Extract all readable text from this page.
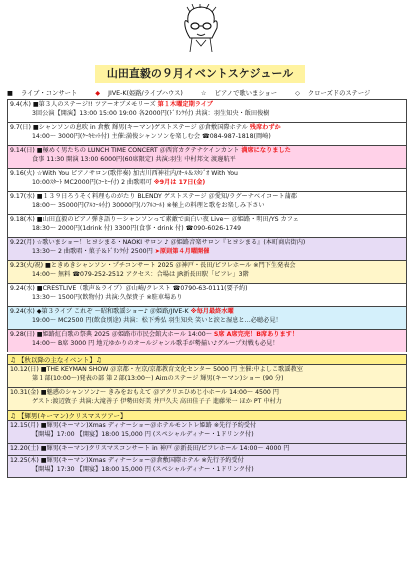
山田直毅の９月イベントスケジュール
■ ライブ・コンサート	◆ JIVE-K(姫路/ライブハウス)	☆ ピアノで歌いまショー	◇ クローズドのステージ
9.4(木) ■第３人のステージ!! ツアーオブメモリーズ 第１木曜定期ライブ
3回公演【開演】13:00 15:00 19:00 各2000円(ﾄﾞﾘﾝｸ付) 共演：羽生知央・飯田俊樹
9.7(日) ■シャンソンの息吹 in 倉敷 輝男(キーマン)ゲストステージ ＠倉敷国際ホテル 残席わずか
14:00～ 3000円(ｹｰｷｾｯﾄ付) 主催:満俊シャンソンを楽しむ会 ☎084-987-1818(岡崎)
9.14(日) ■極めく男たちの LUNCH TIME CONCERT ＠西宮カクテナケインカント 満席になりました
食事 11:30 開演 13:00 6000円(60席限定) 共演:羽生 中村邦文 渡邊航平
9.16(火) ☆With You ピアノサロン(歌伴奏) 加古川西神社内/ｵｰﾙ＆ｽﾀｼﾞｵ With You
10:00ｽﾀｰﾄ MC2000円(ｺｰﾋｰ付) 2 曲歌唱可 ※9月は 17日(金)
9.17(水) ■１３９日ろうそく料理ものがたり BLENDY ゲストステージ ＠愛知/ラグーナベイコート蒲郡
18:00～ 35000円(ｱﾙｺｰﾙ付) 30000円(ﾉﾝｱﾙｺｰﾙ) ※極上の料理と歌をお楽しみ下さい
9.18(木) ■山田直毅のピアノ弾き語り～シャンソンって素敵で面白い夜 Live～ ＠姫路・明田/YS カフェ
18:30～ 2000円(1drink 付) 3300円(食事・drink 付) ☎090-6026-1749
9.22(月) ☆歌いまショー！ヒヨシまる・NAOKI サロン ♪ ＠姫路音楽サロン『ヒヨシまる』(本町商店街内)
13:30～ 2 曲歌唱・菓子＆ﾄﾞﾘﾝｸ付 2500円 ➤原則第４月曜開催
9.23(火/祝) ■ときめきシャンソン・プチコンサート 2025 ＠神戸・長田/ピフレホール ※門下生発表会
14:00～ 無料 ☎079-252-2512 アクセス：合場は JR新長田駅「ピフレ」3階
9.24(水) ■CRESTLIVE（歌声＆ライブ）＠山崎/クレスト ☎0790-63-0111(要予約)
13:30～ 1500円(飲物付) 共演:久保貴子 ※駐車場あり
9.24(水) ◆第３ライブ これぞ ～昭和歌謡ショー♪ ＠姫路/JIVE-K ※毎月最終水曜
19:00～ MC2500 円(飲食別途) 共演：松下秀弘 羽生知央 笑いと涙と湿息と…必聴必見！
9.28(日) ■姫路紅白歌の祭典 2025 ＠姫路市市民会館大ホール 14:00～ S席 A席完売！B席あります！
14:00～ B席 3000 円 地元ゆかりのオールジャンル歌手が勢揃い♪グループ対戦も必見！
♫ 【秋以降の主なイベント】♫
10.12(日) ■THE KEYMAN SHOW ＠京都・左京/京都教育文化センター 5000 円 主催:中よしこ歌謡教室
第１部(10:00～)発表の部 第２部(13:00～) Aiｍのステージ 輝男(キーマン)ショー (90 分)
10.31(金) ■魅惑のシャンソン♪～ きみをおもえて ＠アクリエひめじ小ホール 14:00～ 4500 円
ゲスト:渡辺敦子 共演:大滝善子 伊勢田好美 井戸久夫 高田佳子子 進藤栄一 ほか PT 中村力
♫ 【輝男(キーマン)クリスマスツアー】
12.15(月) ■輝男(キーマン)Xmas ディナーショー＠ホテルモントレ姫路 ※先行予約受付
【開場】17:00 【開宴】18:00 15,000 円 (スペシャルディナー・1ドリンク付)
12.20(土) ■輝男(キーマン)クリスマスコンサート in 神戸 ＠新長田/ピフレホール 14:00～ 4000 円
12.25(木) ■輝男(キーマン)Xmas ディナーショー＠倉敷国際ホテル ※先行予約受付
【開場】17:30 【開宴】18:00 15,000 円 (スペシャルディナー・1ドリンク付)
